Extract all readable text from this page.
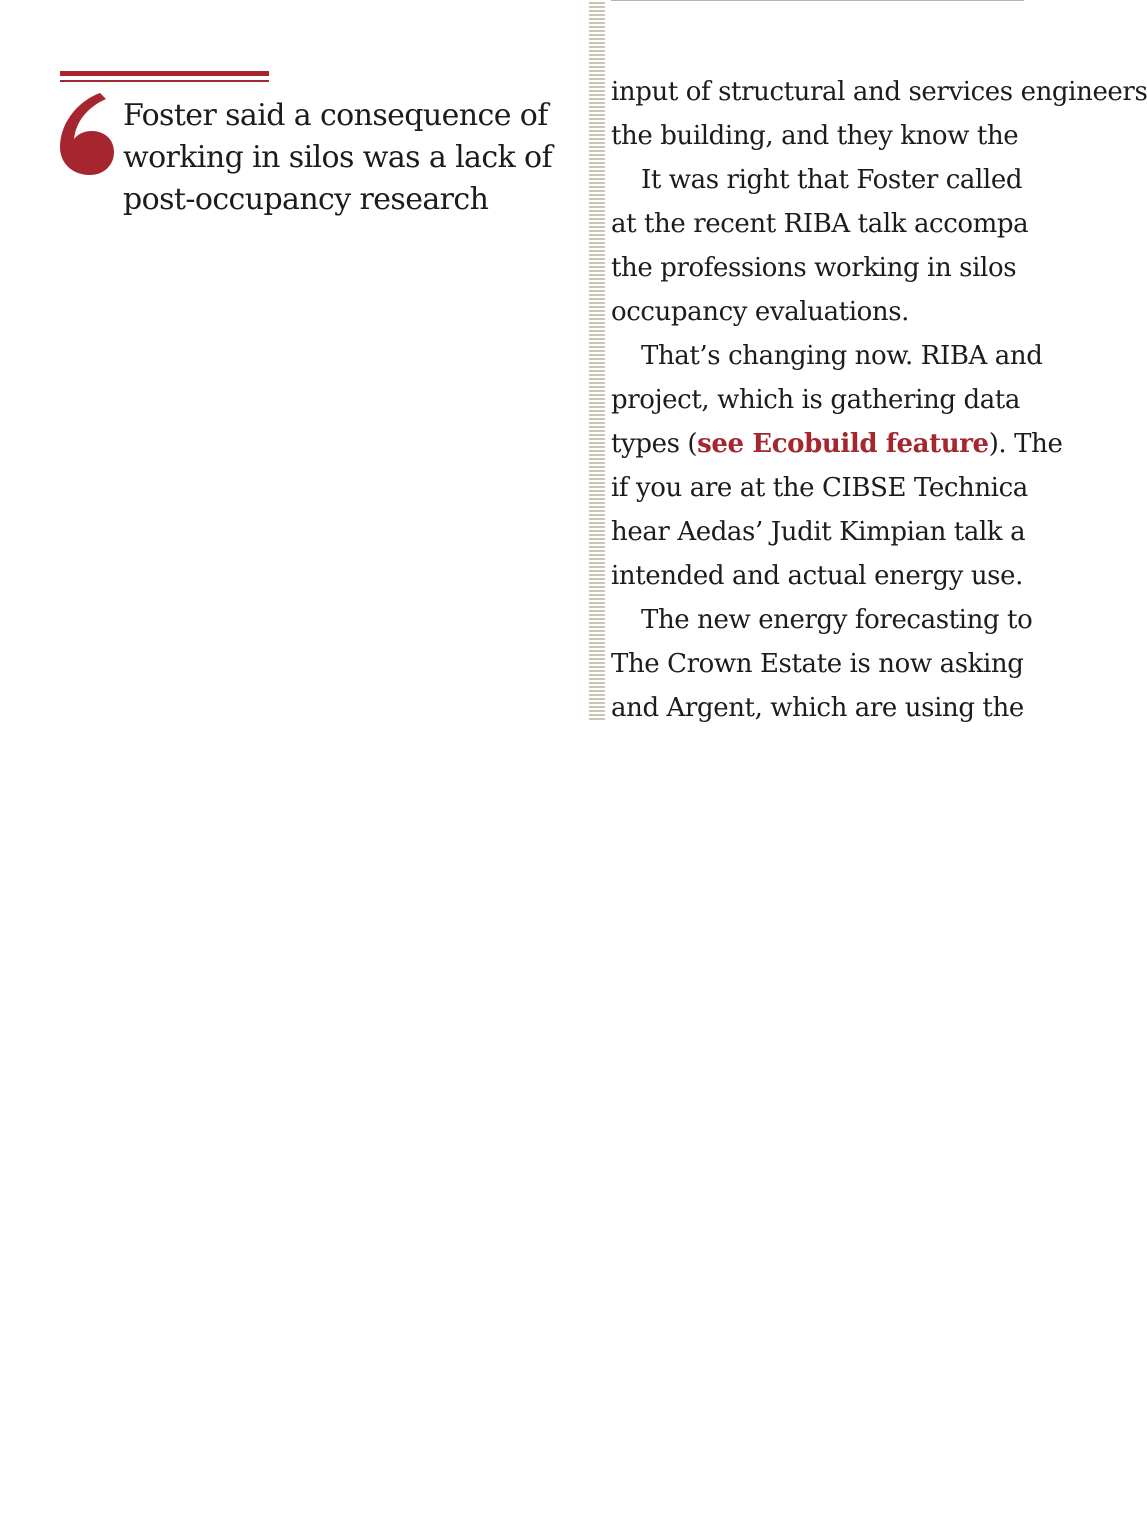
Foster said a consequence of working in silos was a lack of post-occupancy research

input of structural and services engineers
the building, and they know the
It was right that Foster called
at the recent RIBA talk accompa
the professions working in silos
occupancy evaluations.
That’s changing now. RIBA and
project, which is gathering data
types (see Ecobuild feature). The
if you are at the CIBSE Technica
hear Aedas’ Judit Kimpian talk a
intended and actual energy use.
The new energy forecasting to
The Crown Estate is now asking
and Argent, which are using the
